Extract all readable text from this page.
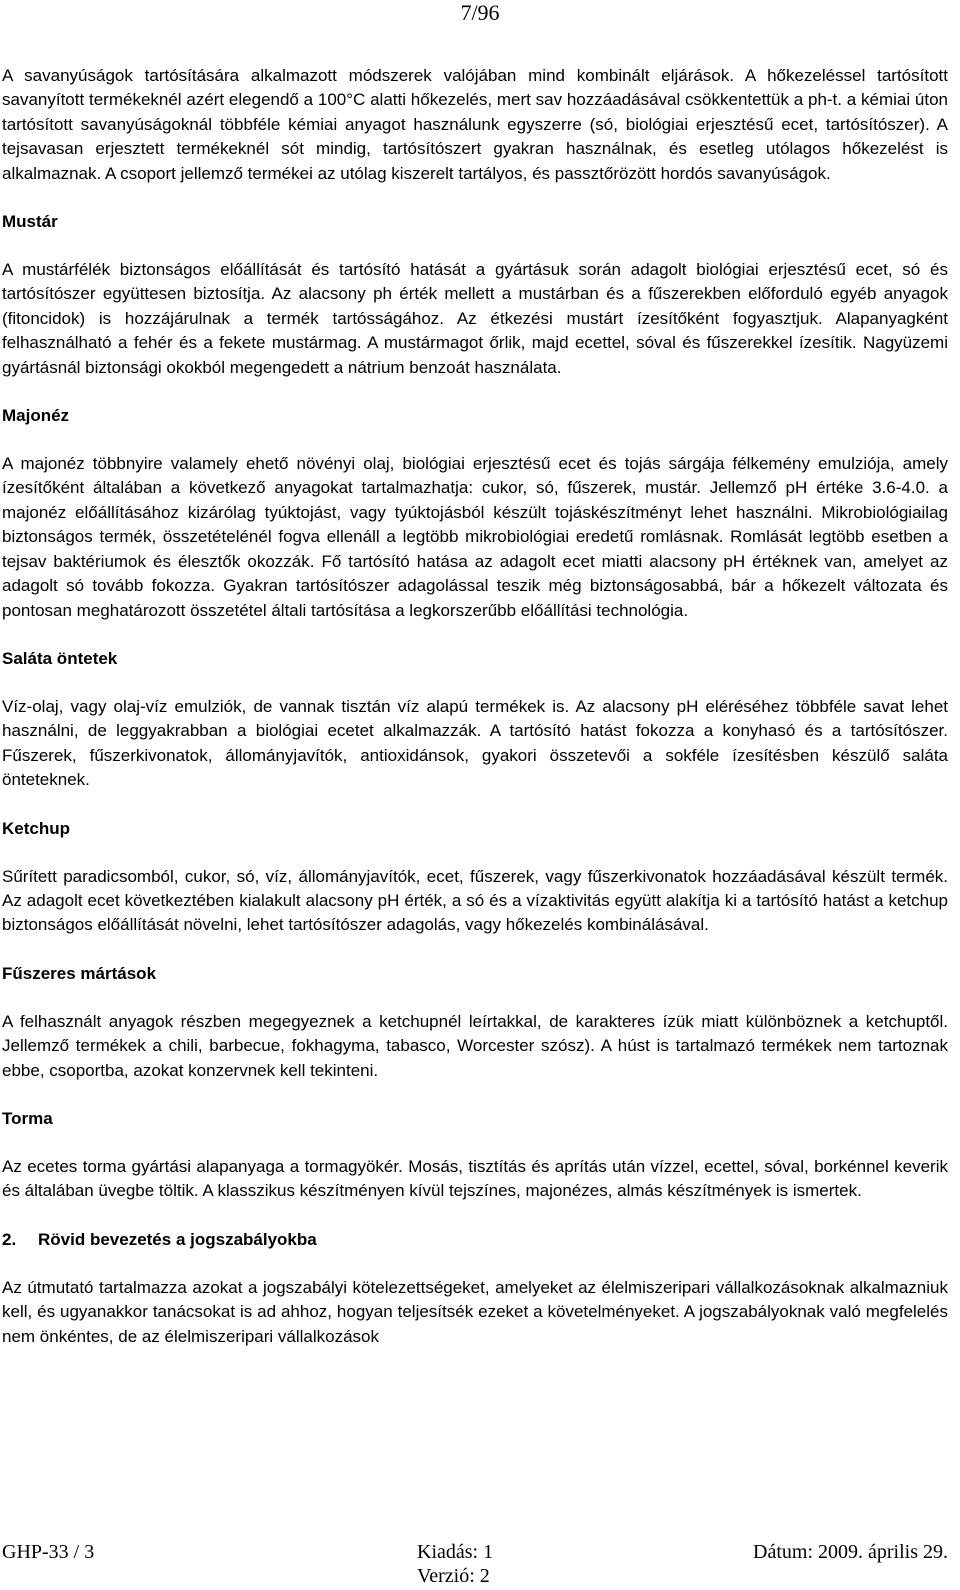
7/96

A savanyúságok tartósítására alkalmazott módszerek valójában mind kombinált eljárások. A hőkezeléssel tartósított savanyított termékeknél azért elegendő a 100°C alatti hőkezelés, mert sav hozzáadásával csökkentettük a ph-t. a kémiai úton tartósított savanyúságoknál többféle kémiai anyagot használunk egyszerre (só, biológiai erjesztésű ecet, tartósítószer). A tejsavasan erjesztett termékeknél sót mindig, tartósítószert gyakran használnak, és esetleg utólagos hőkezelést is alkalmaznak. A csoport jellemző termékei az utólag kiszerelt tartályos, és passztőrözött hordós savanyúságok.

Mustár

A mustárfélék biztonságos előállítását és tartósító hatását a gyártásuk során adagolt biológiai erjesztésű ecet, só és tartósítószer együttesen biztosítja. Az alacsony ph érték mellett a mustárban és a fűszerekben előforduló egyéb anyagok (fitoncidok) is hozzájárulnak a termék tartósságához. Az étkezési mustárt ízesítőként fogyasztjuk. Alapanyagként felhasználható a fehér és a fekete mustármag. A mustármagot őrlik, majd ecettel, sóval és fűszerekkel ízesítik. Nagyüzemi gyártásnál biztonsági okokból megengedett a nátrium benzoát használata.

Majonéz

A majonéz többnyire valamely ehető növényi olaj, biológiai erjesztésű ecet és tojás sárgája félkemény emulziója, amely ízesítőként általában a következő anyagokat tartalmazhatja: cukor, só, fűszerek, mustár. Jellemző pH értéke 3.6-4.0. a majonéz előállításához kizárólag tyúktojást, vagy tyúktojásból készült tojáskészítményt lehet használni. Mikrobiológiailag biztonságos termék, összetételénél fogva ellenáll a legtöbb mikrobiológiai eredetű romlásnak. Romlását legtöbb esetben a tejsav baktériumok és élesztők okozzák. Fő tartósító hatása az adagolt ecet miatti alacsony pH értéknek van, amelyet az adagolt só tovább fokozza. Gyakran tartósítószer adagolással teszik még biztonságosabbá, bár a hőkezelt változata és pontosan meghatározott összetétel általi tartósítása a legkorszerűbb előállítási technológia.

Saláta öntetek

Víz-olaj, vagy olaj-víz emulziók, de vannak tisztán víz alapú termékek is. Az alacsony pH eléréséhez többféle savat lehet használni, de leggyakrabban a biológiai ecetet alkalmazzák. A tartósító hatást fokozza a konyhasó és a tartósítószer. Fűszerek, fűszerkivonatok, állományjavítók, antioxidánsok, gyakori összetevői a sokféle ízesítésben készülő saláta önteteknek.

Ketchup

Sűrített paradicsomból, cukor, só, víz, állományjavítók, ecet, fűszerek, vagy fűszerkivonatok hozzáadásával készült termék. Az adagolt ecet következtében kialakult alacsony pH érték, a só és a vízaktivitás együtt alakítja ki a tartósító hatást a ketchup biztonságos előállítását növelni, lehet tartósítószer adagolás, vagy hőkezelés kombinálásával.

Fűszeres mártások

A felhasznált anyagok részben megegyeznek a ketchupnél leírtakkal, de karakteres ízük miatt különböznek a ketchuptől. Jellemző termékek a chili, barbecue, fokhagyma, tabasco, Worcester szósz). A húst is tartalmazó termékek nem tartoznak ebbe, csoportba, azokat konzervnek kell tekinteni.

Torma

Az ecetes torma gyártási alapanyaga a tormagyökér. Mosás, tisztítás és aprítás után vízzel, ecettel, sóval, borkénnel keverik és általában üvegbe töltik. A klasszikus készítményen kívül tejszínes, majonézes, almás készítmények is ismertek.

2. Rövid bevezetés a jogszabályokba

Az útmutató tartalmazza azokat a jogszabályi kötelezettségeket, amelyeket az élelmiszeripari vállalkozásoknak alkalmazniuk kell, és ugyanakkor tanácsokat is ad ahhoz, hogyan teljesítsék ezeket a követelményeket. A jogszabályoknak való megfelelés nem önkéntes, de az élelmiszeripari vállalkozások

GHP-33 / 3	Kiadás: 1
Verzió: 2
Dátum: 2009. április 29.
